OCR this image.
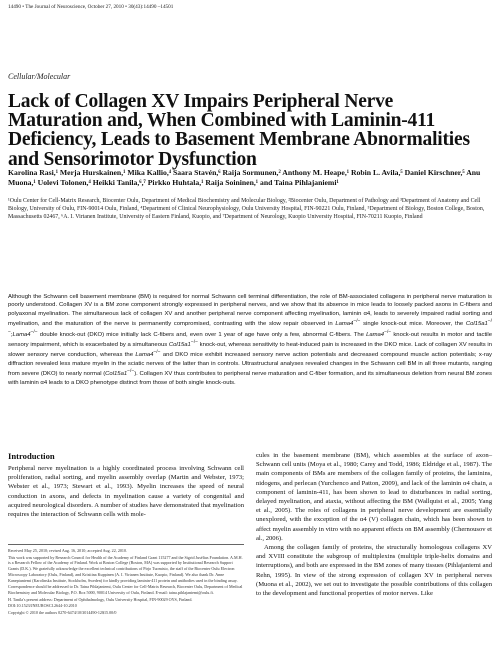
14490 • The Journal of Neuroscience, October 27, 2010 • 30(43):14490 –14501
Cellular/Molecular
Lack of Collagen XV Impairs Peripheral Nerve Maturation and, When Combined with Laminin-411 Deficiency, Leads to Basement Membrane Abnormalities and Sensorimotor Dysfunction
Karolina Rasi,¹ Merja Hurskainen,¹ Mika Kallio,⁴ Saara Stavén,⁶ Raija Sormunen,² Anthony M. Heape,¹ Robin L. Avila,⁵ Daniel Kirschner,⁵ Anu Muona,¹ Uolevi Tolonen,⁴ Heikki Tanila,⁶,⁷ Pirkko Huhtala,¹ Raija Soininen,¹ and Taina Pihlajaniemi¹
¹Oulu Center for Cell-Matrix Research, Biocenter Oulu, Department of Medical Biochemistry and Molecular Biology, ²Biocenter Oulu, Department of Pathology and ³Department of Anatomy and Cell Biology, University of Oulu, FIN-90014 Oulu, Finland, ⁴Department of Clinical Neurophysiology, Oulu University Hospital, FIN-90221 Oulu, Finland, ⁵Department of Biology, Boston College, Boston, Massachusetts 02467, ⁶A. I. Virtanen Institute, University of Eastern Finland, Kuopio, and ⁷Department of Neurology, Kuopio University Hospital, FIN-70211 Kuopio, Finland
Although the Schwann cell basement membrane (BM) is required for normal Schwann cell terminal differentiation, the role of BM-associated collagens in peripheral nerve maturation is poorly understood. Collagen XV is a BM zone component strongly expressed in peripheral nerves, and we show that its absence in mice leads to loosely packed axons in C-fibers and polyaxonal myelination. The simultaneous lack of collagen XV and another peripheral nerve component affecting myelination, laminin α4, leads to severely impaired radial sorting and myelination, and the maturation of the nerve is permanently compromised, contrasting with the slow repair observed in Lama4−/− single knock-out mice. Moreover, the Col15a1−/−;Lama4−/− double knock-out (DKO) mice initially lack C-fibers and, even over 1 year of age have only a few, abnormal C-fibers. The Lama4−/− knock-out results in motor and tactile sensory impairment, which is exacerbated by a simultaneous Col15a1−/− knock-out, whereas sensitivity to heat-induced pain is increased in the DKO mice. Lack of collagen XV results in slower sensory nerve conduction, whereas the Lama4−/− and DKO mice exhibit increased sensory nerve action potentials and decreased compound muscle action potentials; x-ray diffraction revealed less mature myelin in the sciatic nerves of the latter than in controls. Ultrastructural analyses revealed changes in the Schwann cell BM in all three mutants, ranging from severe (DKO) to nearly normal (Col15a1−/−). Collagen XV thus contributes to peripheral nerve maturation and C-fiber formation, and its simultaneous deletion from neural BM zones with laminin α4 leads to a DKO phenotype distinct from those of both single knock-outs.
Introduction

Peripheral nerve myelination is a highly coordinated process involving Schwann cell proliferation, radial sorting, and myelin assembly overlap (Martin and Webster, 1973; Webster et al., 1973; Stewart et al., 1993). Myelin increases the speed of neural conduction in axons, and defects in myelination cause a variety of congenital and acquired neurological disorders. A number of studies have demonstrated that myelination requires the interaction of Schwann cells with mole-

Received May 25, 2010; revised Aug. 16, 2010; accepted Aug. 22, 2010.

This work was supported by Research Council for Health of the Academy of Finland Grant 115277 and the Sigrid Jusélius Foundation. A.M.H. is a Research Fellow of the Academy of Finland. Work at Boston College (Boston, MA) was supported by Institutional Research Support Grants (D.K.). We gratefully acknowledge the excellent technical contributions of Pirjo Tuomisto, the staff of the Biocenter Oulu Electron Microscopy Laboratory (Oulu, Finland), and Kristiina Kuppinen (A. I. Virtanen Institute, Kuopio, Finland). We also thank Dr. Anne Kaneptuniemi (Karolinska Institute, Stockholm, Sweden) for kindly providing laminin-411 protein and antibodies used in the binding assay.

Correspondence should be addressed to Dr. Taina Pihlajaniemi, Oulu Center for Cell-Matrix Research, Biocenter Oulu, Department of Medical Biochemistry and Molecular Biology, P.O. Box 5000, 90014 University of Oulu, Finland. E-mail: taina.pihlajaniemi@oulu.fi.

H. Tanila's present address: Department of Ophthalmology, Oulu University Hospital, FIN-90029 OYS, Finland.

DOI:10.1523/JNEUROSCI.2644-10.2010

Copyright © 2010 the authors 0270-6474/10/3014490-12$15.00/0

cules in the basement membrane (BM), which assembles at the surface of axon–Schwann cell units (Moya et al., 1980; Carey and Todd, 1986; Eldridge et al., 1987). The main components of BMs are members of the collagen family of proteins, the laminins, nidogens, and perlecan (Yurchenco and Patton, 2009), and lack of the laminin α4 chain, a component of laminin-411, has been shown to lead to disturbances in radial sorting, delayed myelination, and ataxia, without affecting the BM (Wallquist et al., 2005; Yang et al., 2005). The roles of collagens in peripheral nerve development are essentially unexplored, with the exception of the α4 (V) collagen chain, which has been shown to affect myelin assembly in vitro with no apparent effects on BM assembly (Chernousov et al., 2006).

Among the collagen family of proteins, the structurally homologous collagens XV and XVIII constitute the subgroup of multiplexins (multiple triple-helix domains and interruptions), and both are expressed in the BM zones of many tissues (Pihlajaniemi and Rehn, 1995). In view of the strong expression of collagen XV in peripheral nerves (Muona et al., 2002), we set out to investigate the possible contributions of this collagen to the development and functional properties of motor nerves. Like
